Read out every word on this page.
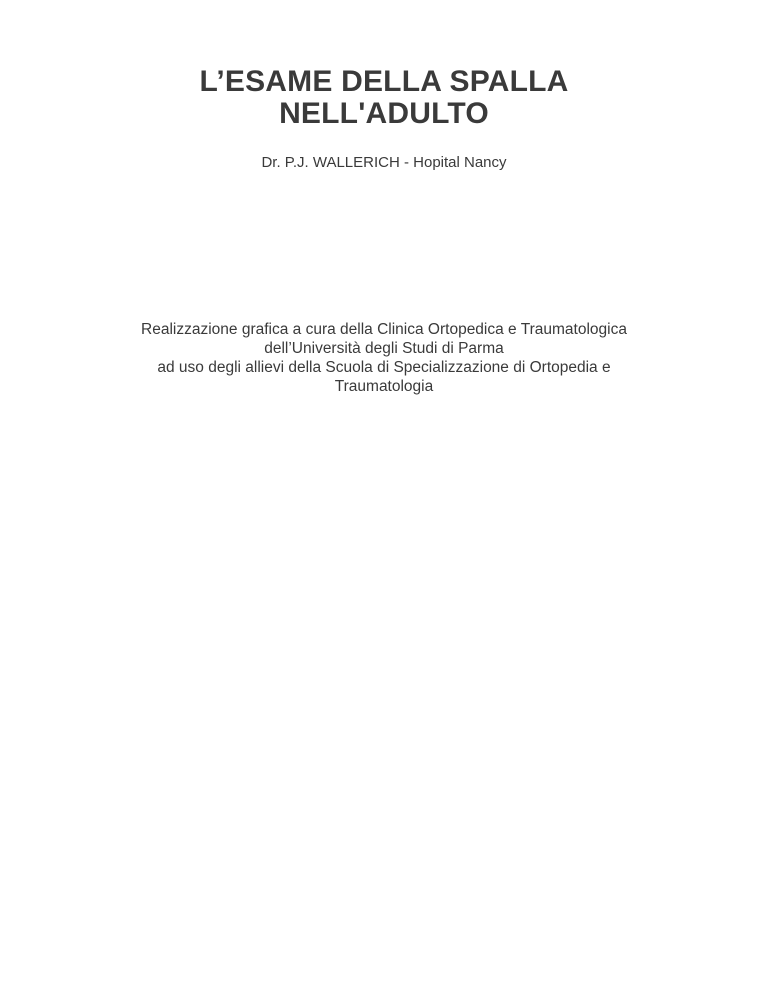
L’ESAME DELLA SPALLA
NELL'ADULTO
Dr. P.J. WALLERICH - Hopital Nancy
Realizzazione grafica a cura della Clinica Ortopedica e Traumatologica
dell’Università degli Studi di Parma
ad uso degli allievi della Scuola di Specializzazione di Ortopedia e
Traumatologia
